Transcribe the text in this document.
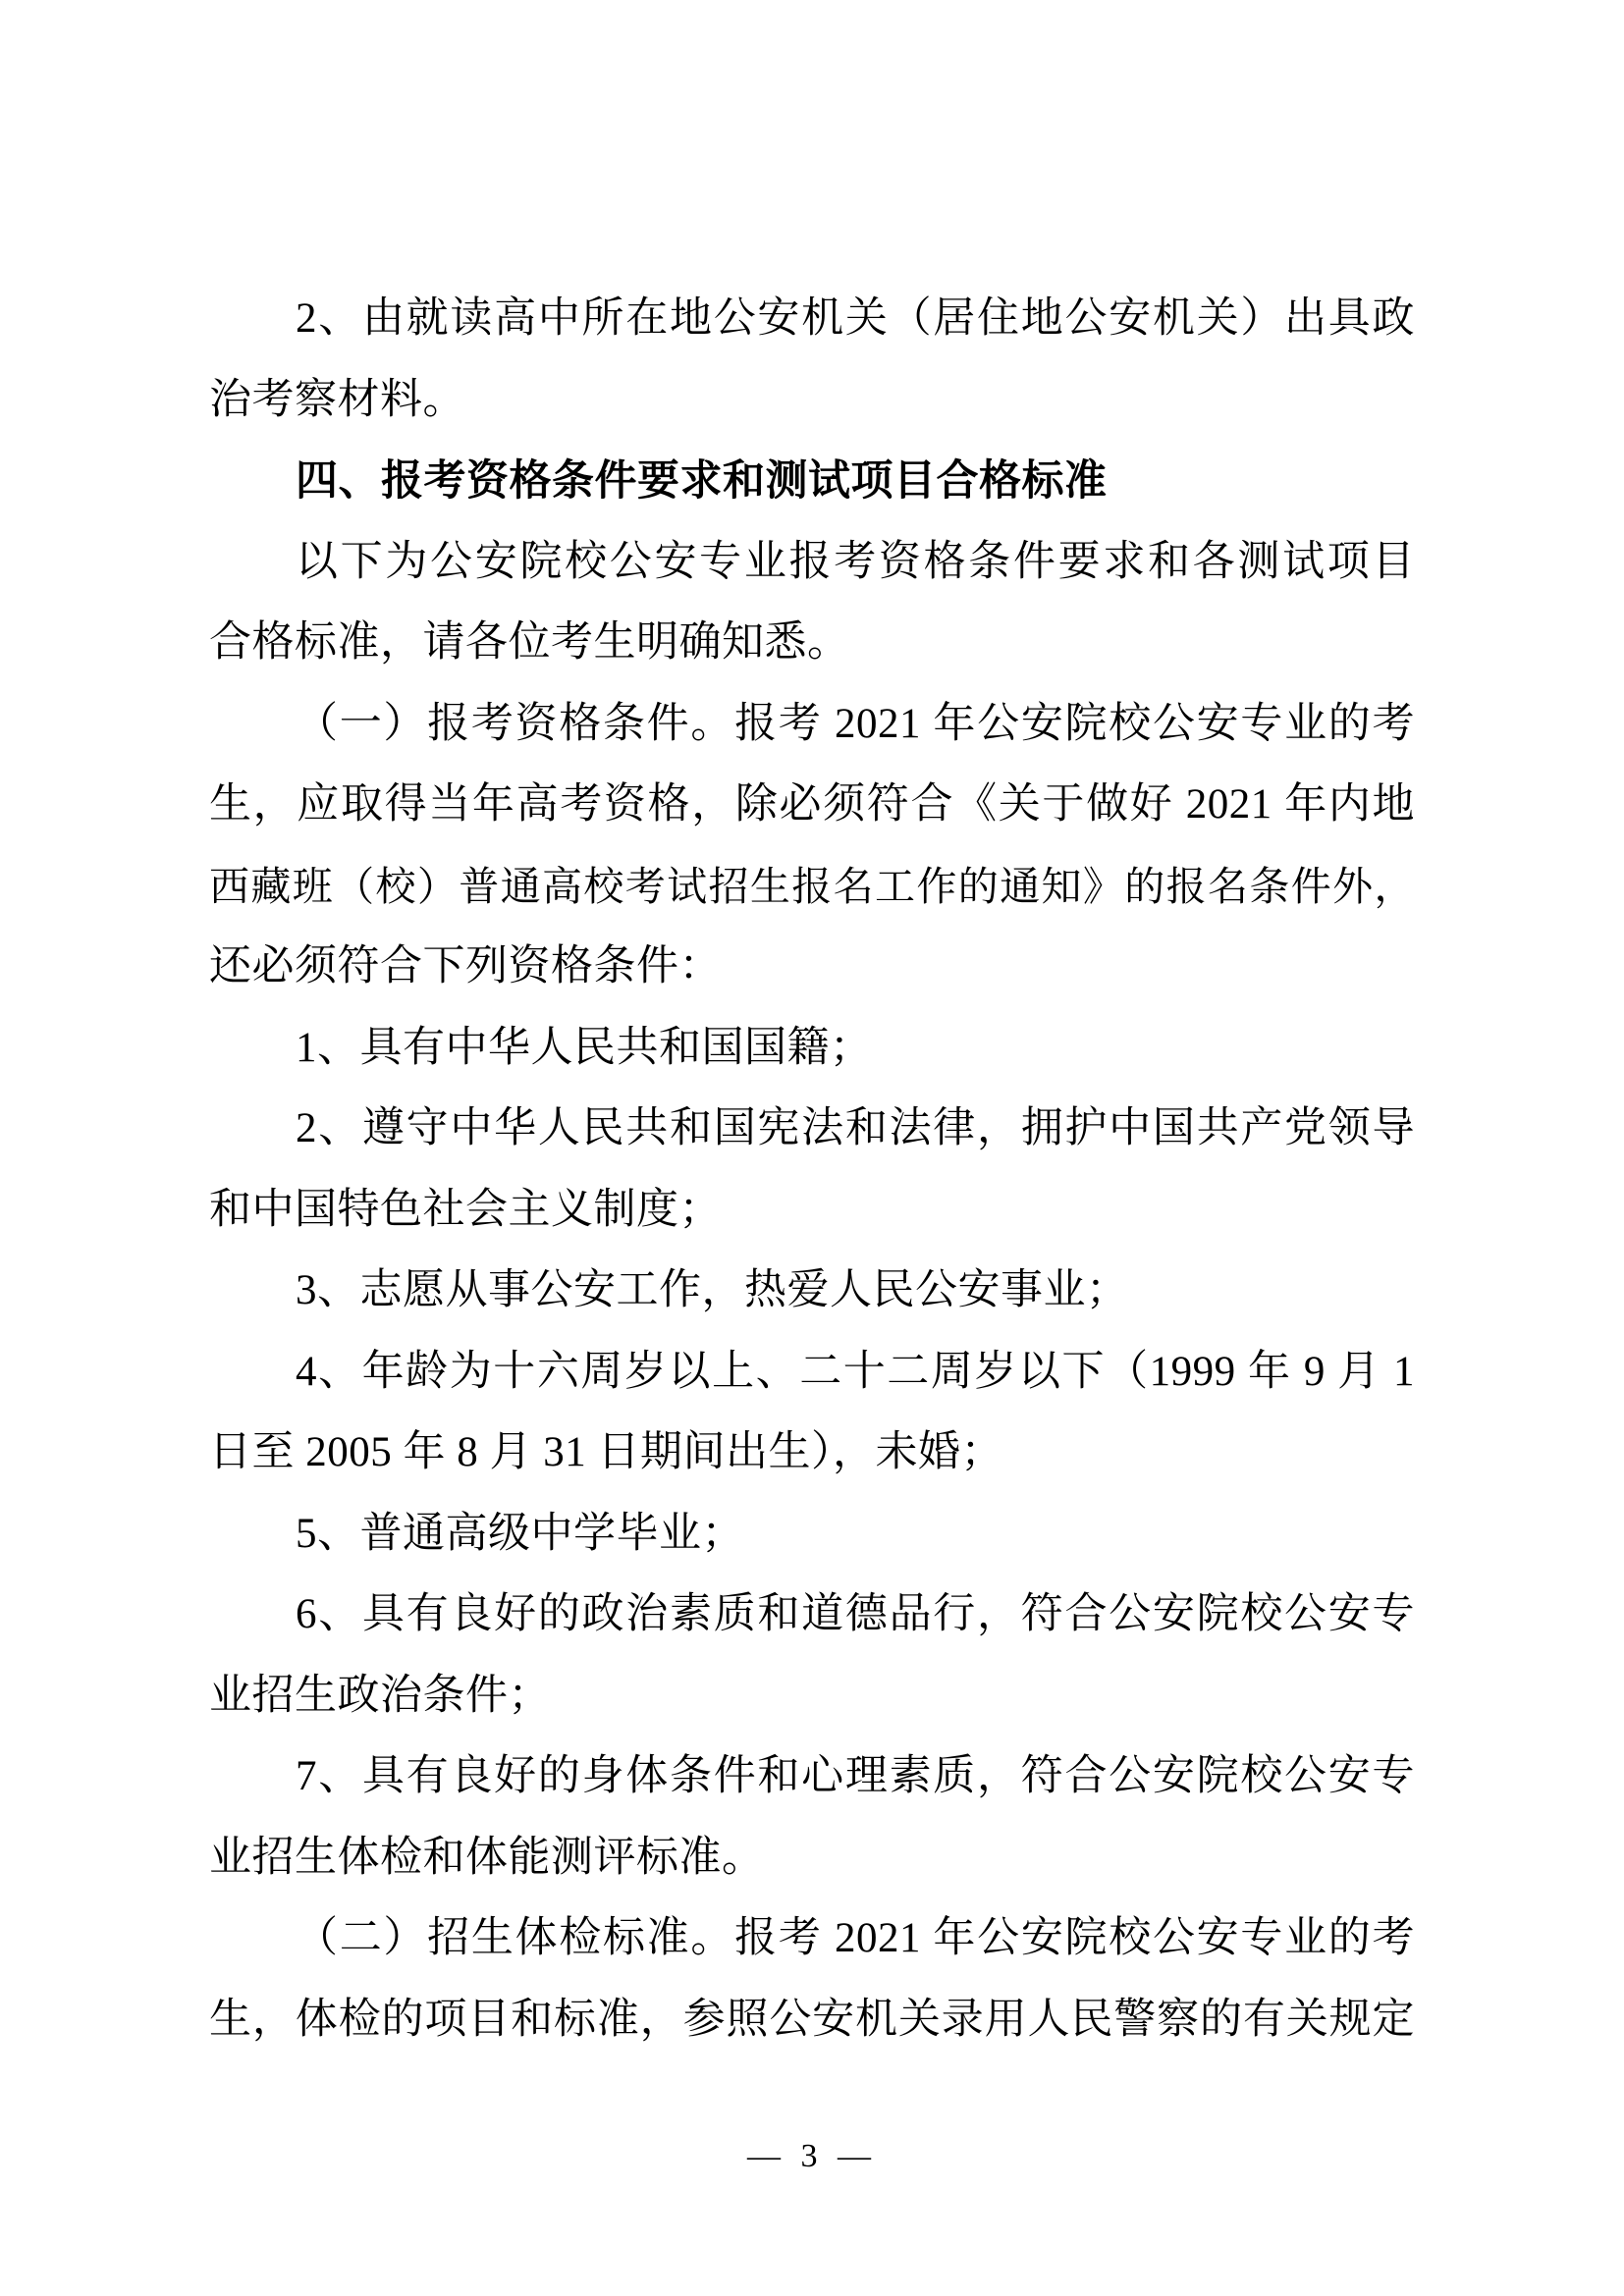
2、由就读高中所在地公安机关（居住地公安机关）出具政
治考察材料。
四、报考资格条件要求和测试项目合格标准
以下为公安院校公安专业报考资格条件要求和各测试项目
合格标准，请各位考生明确知悉。
（一）报考资格条件。报考 2021 年公安院校公安专业的考
生，应取得当年高考资格，除必须符合《关于做好 2021 年内地
西藏班（校）普通高校考试招生报名工作的通知》的报名条件外，
还必须符合下列资格条件：
1、具有中华人民共和国国籍；
2、遵守中华人民共和国宪法和法律，拥护中国共产党领导
和中国特色社会主义制度；
3、志愿从事公安工作，热爱人民公安事业；
4、年龄为十六周岁以上、二十二周岁以下（1999 年 9 月 1
日至 2005 年 8 月 31 日期间出生），未婚；
5、普通高级中学毕业；
6、具有良好的政治素质和道德品行，符合公安院校公安专
业招生政治条件；
7、具有良好的身体条件和心理素质，符合公安院校公安专
业招生体检和体能测评标准。
（二）招生体检标准。报考 2021 年公安院校公安专业的考
生，体检的项目和标准，参照公安机关录用人民警察的有关规定
— 3 —
